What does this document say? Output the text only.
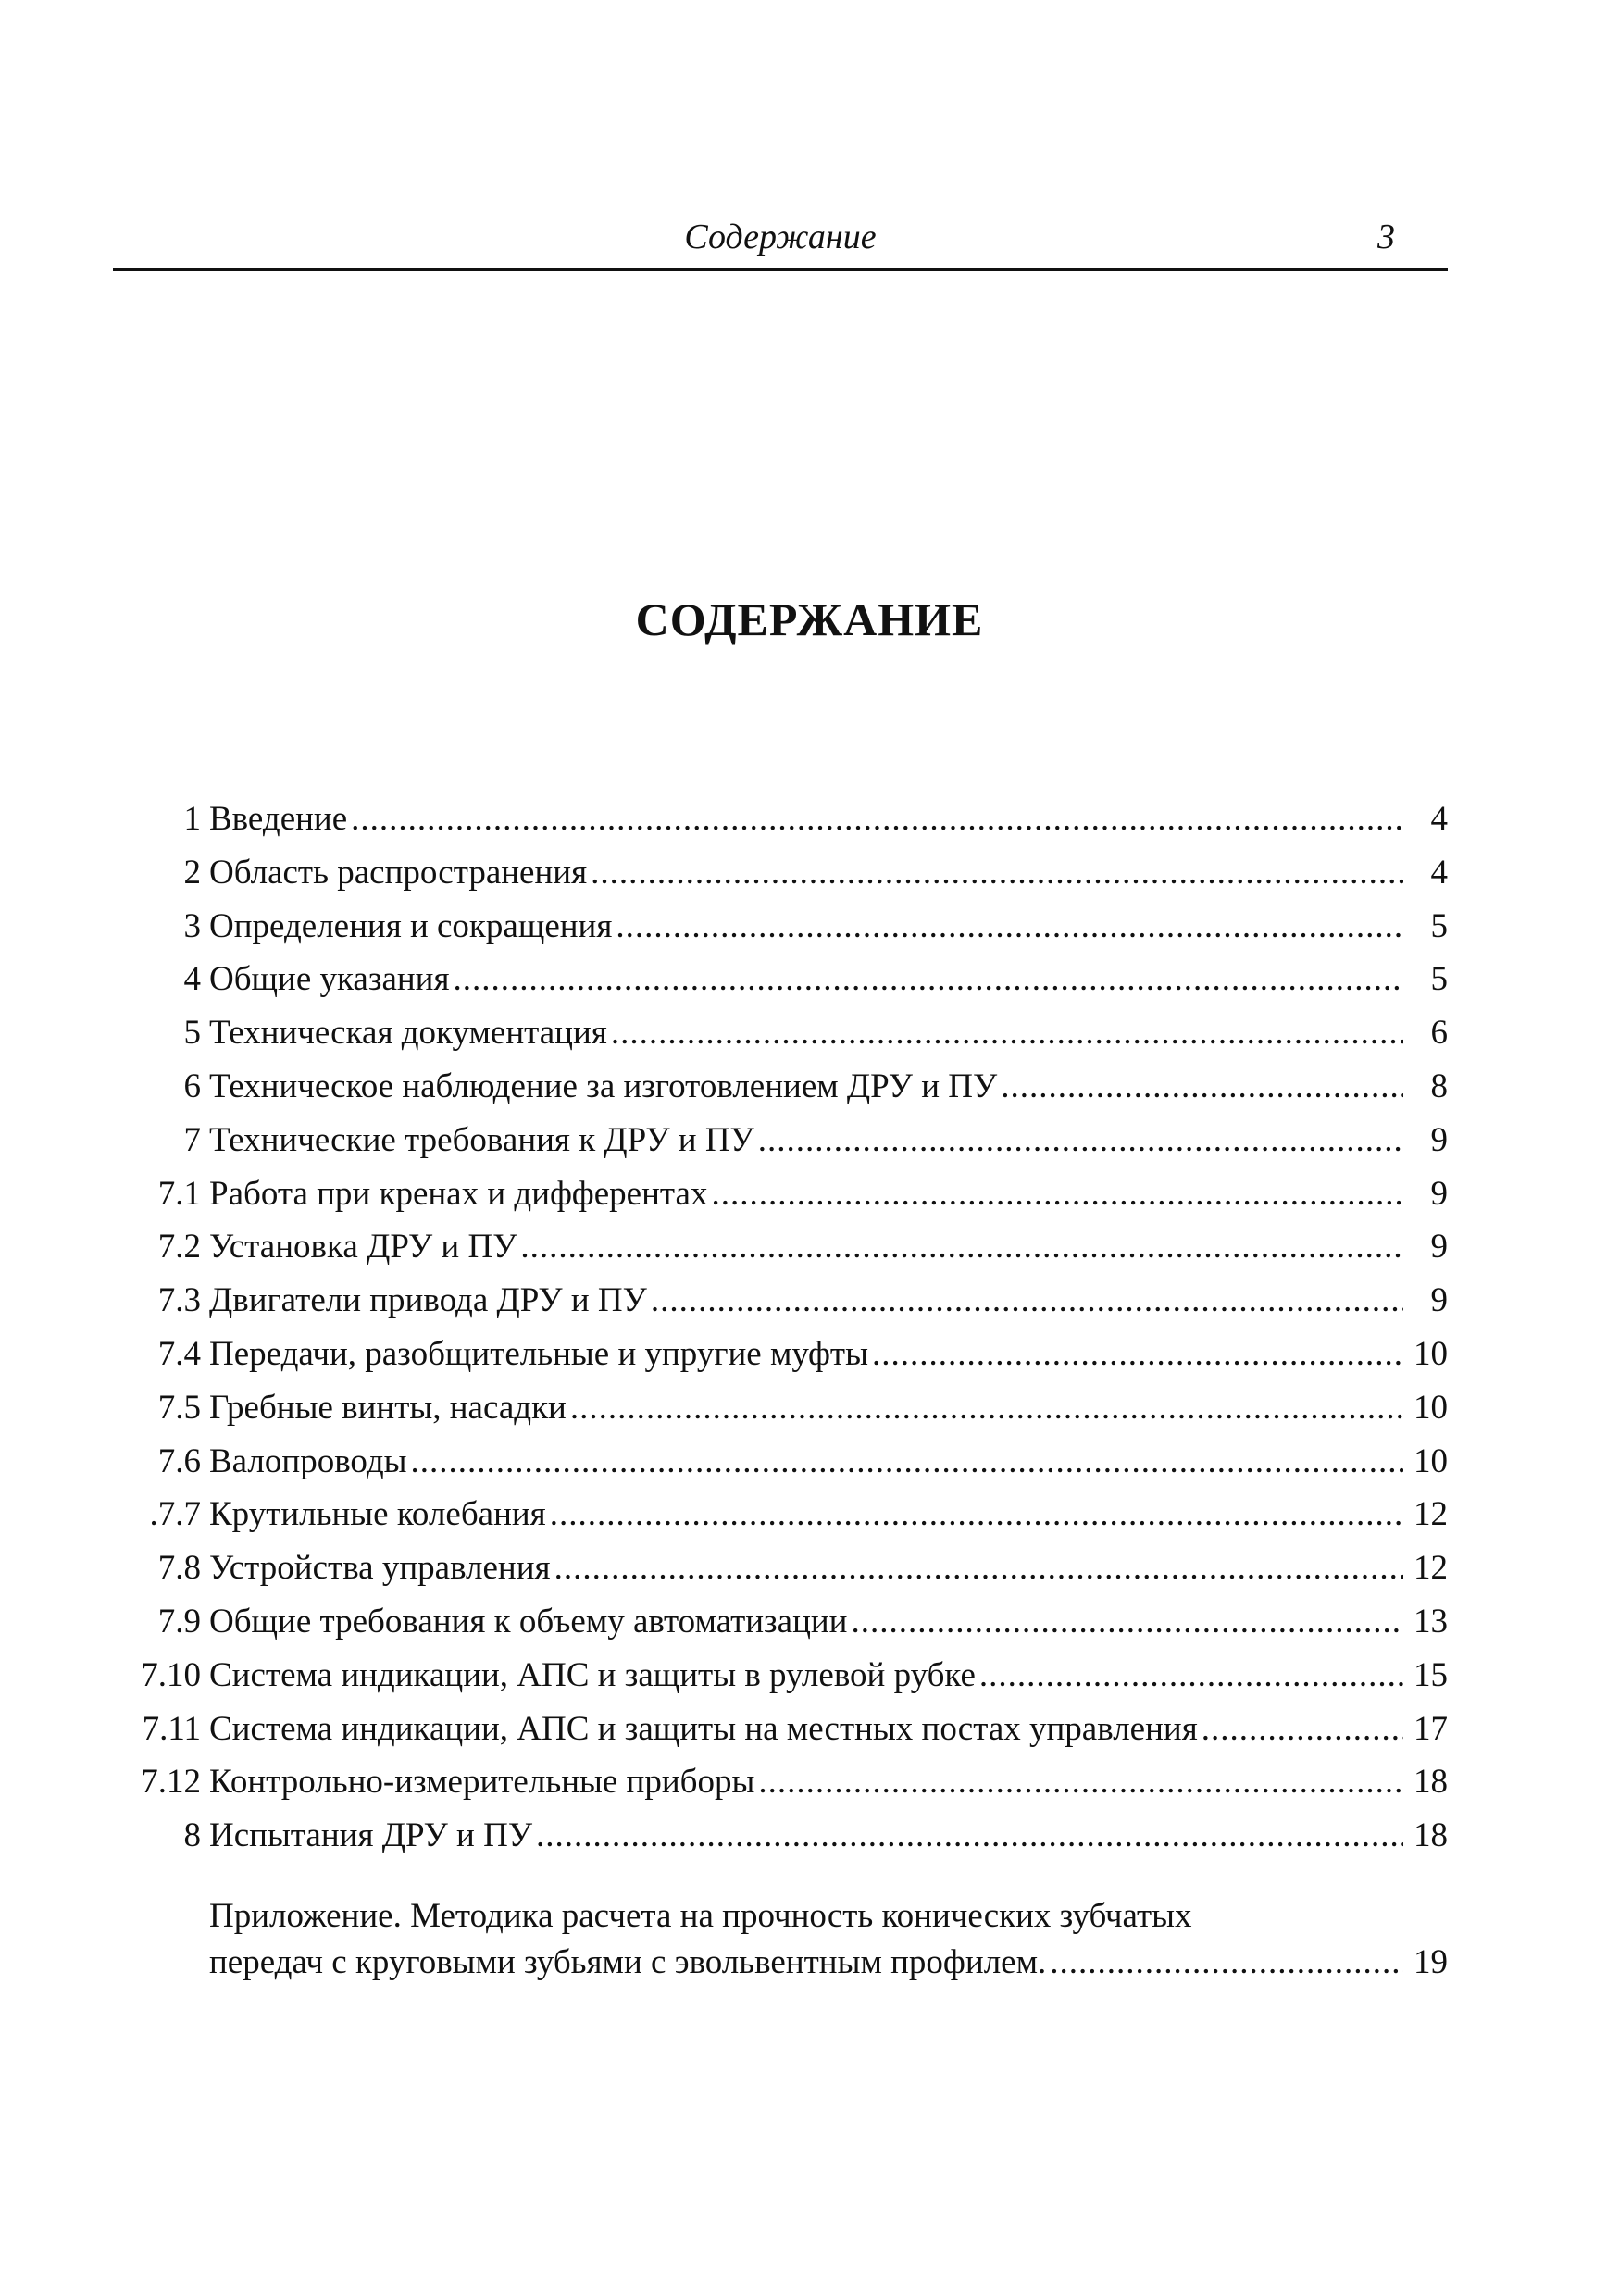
Содержание	3
СОДЕРЖАНИЕ
1 Введение .....	4
2 Область распространения .....	4
3 Определения и сокращения .....	5
4 Общие указания .....	5
5 Техническая документация .....	6
6 Техническое наблюдение за изготовлением ДРУ и ПУ .....	8
7 Технические требования к ДРУ и ПУ .....	9
7.1 Работа при кренах и дифферентах .....	9
7.2 Установка ДРУ и ПУ .....	9
7.3 Двигатели привода ДРУ и ПУ .....	9
7.4 Передачи, разобщительные и упругие муфты .....	10
7.5 Гребные винты, насадки .....	10
7.6 Валопроводы .....	10
.7.7 Крутильные колебания .....	12
7.8 Устройства управления .....	12
7.9 Общие требования к объему автоматизации .....	13
7.10 Система индикации, АПС и защиты в рулевой рубке .....	15
7.11 Система индикации, АПС и защиты на местных постах управления .....	17
7.12 Контрольно-измерительные приборы .....	18
8 Испытания ДРУ и ПУ .....	18
Приложение. Методика расчета на прочность конических зубчатых
передач с круговыми зубьями с эвольвентным профилем. .....	19
